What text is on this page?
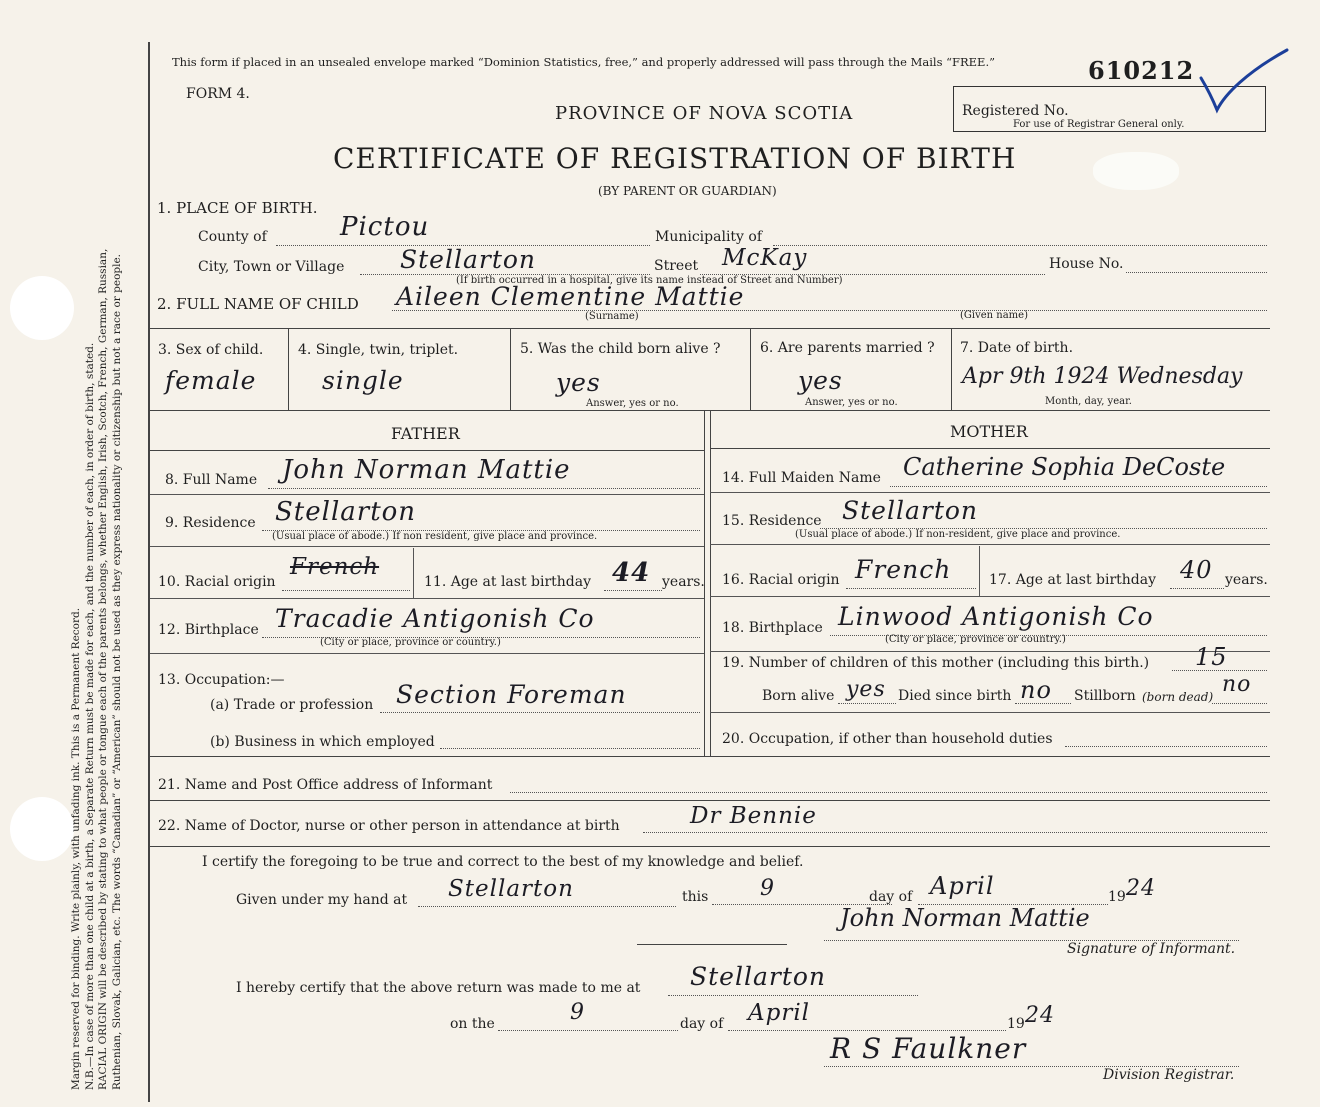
Margin reserved for binding. Write plainly, with unfading ink. This is a Permanent Record. N.B.—In case of more than one child at a birth, a Separate Return must be made for each, and the number of each, in order of birth, stated. RACIAL ORIGIN will be described by stating to what people or tongue each of the parents belongs, whether English, Irish, Scotch, French, German, Russian, Ruthenian, Slovak, Galician, etc. The words “Canadian” or “American” should not be used as they express nationality or citizenship but not a race or people.
This form if placed in an unsealed envelope marked “Dominion Statistics, free,” and properly addressed will pass through the Mails “FREE.”	610212
FORM 4.
PROVINCE OF NOVA SCOTIA	Registered No.
For use of Registrar General only.
CERTIFICATE OF REGISTRATION OF BIRTH
(BY PARENT OR GUARDIAN)
1. PLACE OF BIRTH.
County of	Pictou	Municipality of
City, Town or Village Stellarton	Street McKay	House No.
(If birth occurred in a hospital, give its name instead of Street and Number)
2. FULL NAME OF CHILD Aileen Clementine Mattie
(Surname)	(Given name)
3. Sex of child.
female
4. Single, twin, triplet.
single
5. Was the child born alive ?
yes
Answer, yes or no.
6. Are parents married ?
yes
Answer, yes or no.
7. Date of birth.
Apr 9th 1924 Wednesday
Month, day, year.
FATHER	MOTHER
8. Full Name John Norman Mattie
9. Residence Stellarton
(Usual place of abode.) If non resident, give place and province.
10. Racial origin
French
11. Age at last birthday 44 years.
12. Birthplace Tracadie Antigonish Co
(City or place, province or country.)
13. Occupation:—
(a) Trade or profession Section Foreman
(b) Business in which employed
14. Full Maiden Name Catherine Sophia DeCoste
15. Residence Stellarton
(Usual place of abode.) If non-resident, give place and province.
16. Racial origin French	17. Age at last birthday 40 years.
18. Birthplace Linwood Antigonish Co
(City or place, province or country.)
19. Number of children of this mother (including this birth.) 15
Born alive yes Died since birth no Stillborn (born dead) no
20. Occupation, if other than household duties
21. Name and Post Office address of Informant
22. Name of Doctor, nurse or other person in attendance at birth	Dr Bennie
I certify the foregoing to be true and correct to the best of my knowledge and belief.
Given under my hand at Stellarton	this 9	day of April	19 24
John Norman Mattie
Signature of Informant.
I hereby certify that the above return was made to me at Stellarton
on the	9	day of April	19 24
R S Faulkner
Division Registrar.
